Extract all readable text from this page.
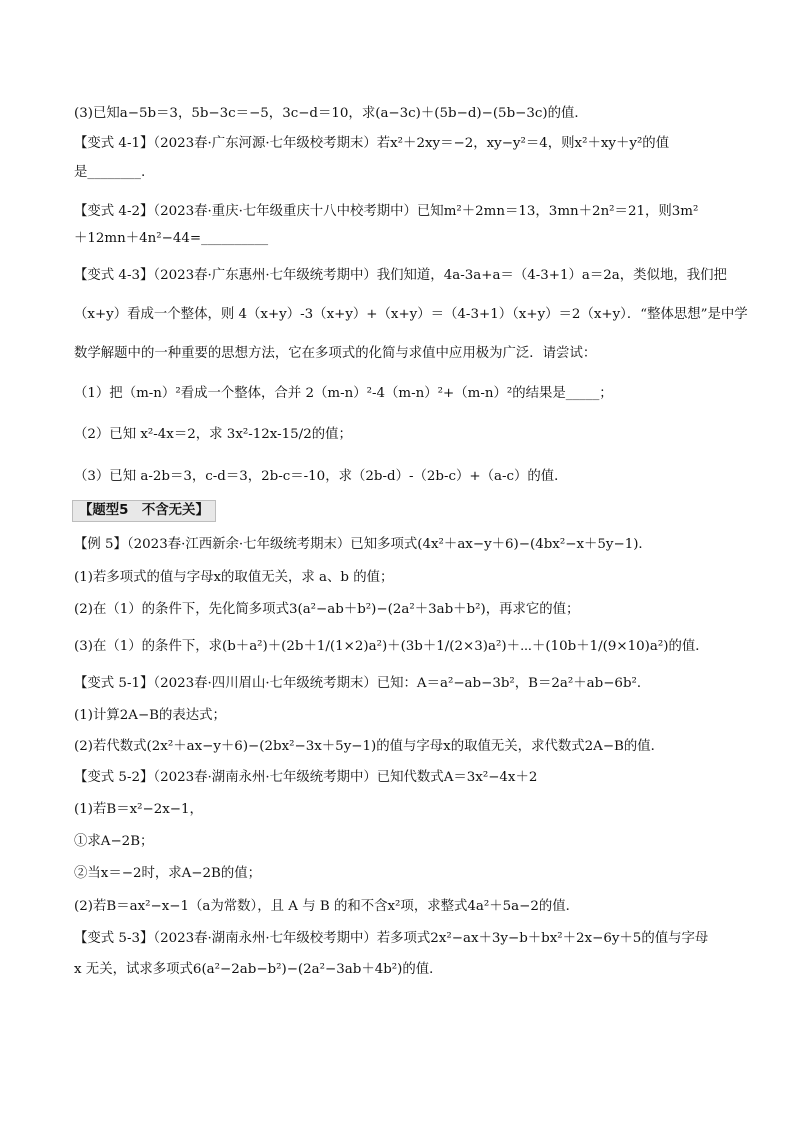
(3)已知a−5b＝3，5b−3c＝−5，3c−d＝10，求(a−3c)＋(5b−d)−(5b−3c)的值．
【变式 4-1】（2023春·广东河源·七年级校考期末）若x²＋2xy＝−2，xy−y²＝4，则x²＋xy＋y²的值
是________.
【变式 4-2】（2023春·重庆·七年级重庆十八中校考期中）已知m²＋2mn＝13，3mn＋2n²＝21，则3m²
＋12mn＋4n²−44=__________
【变式 4-3】（2023春·广东惠州·七年级统考期中）我们知道，4a-3a+a＝（4-3+1）a＝2a，类似地，我们把
（x+y）看成一个整体，则 4（x+y）-3（x+y）+（x+y）＝（4-3+1）（x+y）＝2（x+y）．“整体思想”是中学
数学解题中的一种重要的思想方法，它在多项式的化简与求值中应用极为广泛．请尝试：
（1）把（m-n）²看成一个整体，合并 2（m-n）²-4（m-n）²+（m-n）²的结果是_____；
（2）已知 x²-4x＝2，求 3x²-12x-15/2的值；
（3）已知 a-2b＝3，c-d＝3，2b-c＝-10，求（2b-d）-（2b-c）+（a-c）的值．
【题型5　不含无关】
【例 5】（2023春·江西新余·七年级统考期末）已知多项式(4x²＋ax−y＋6)−(4bx²−x＋5y−1)．
(1)若多项式的值与字母x的取值无关，求 a、b 的值；
(2)在（1）的条件下，先化简多项式3(a²−ab＋b²)−(2a²＋3ab＋b²)，再求它的值；
(3)在（1）的条件下，求(b＋a²)＋(2b＋1/(1×2)a²)＋(3b＋1/(2×3)a²)＋⋯＋(10b＋1/(9×10)a²)的值．
【变式 5-1】（2023春·四川眉山·七年级统考期末）已知：A＝a²−ab−3b²，B＝2a²＋ab−6b²．
(1)计算2A−B的表达式；
(2)若代数式(2x²＋ax−y＋6)−(2bx²−3x＋5y−1)的值与字母x的取值无关，求代数式2A−B的值．
【变式 5-2】（2023春·湖南永州·七年级统考期中）已知代数式A＝3x²−4x＋2
(1)若B＝x²−2x−1，
①求A−2B；
②当x＝−2时，求A−2B的值；
(2)若B＝ax²−x−1（a为常数），且 A 与 B 的和不含x²项，求整式4a²＋5a−2的值．
【变式 5-3】（2023春·湖南永州·七年级校考期中）若多项式2x²−ax＋3y−b＋bx²＋2x−6y＋5的值与字母
x 无关，试求多项式6(a²−2ab−b²)−(2a²−3ab＋4b²)的值．
